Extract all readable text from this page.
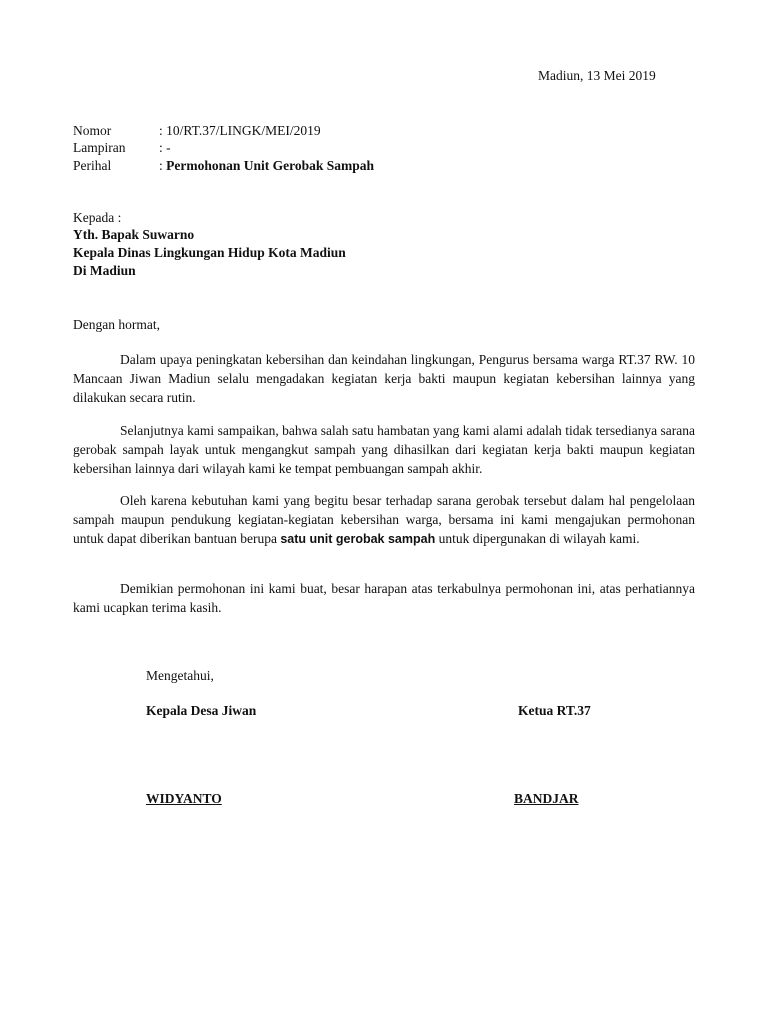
Madiun, 13 Mei 2019
Nomor	: 10/RT.37/LINGK/MEI/2019
Lampiran : -
Perihal	: Permohonan Unit Gerobak Sampah
Kepada :
Yth. Bapak Suwarno
Kepala Dinas Lingkungan Hidup Kota Madiun
Di Madiun
Dengan hormat,

Dalam upaya peningkatan kebersihan dan keindahan lingkungan, Pengurus bersama warga RT.37 RW. 10 Mancaan Jiwan Madiun selalu mengadakan kegiatan kerja bakti maupun kegiatan kebersihan lainnya yang dilakukan secara rutin.

Selanjutnya kami sampaikan, bahwa salah satu hambatan yang kami alami adalah tidak tersedianya sarana gerobak sampah layak untuk mengangkut sampah yang dihasilkan dari kegiatan kerja bakti maupun kegiatan kebersihan lainnya dari wilayah kami ke tempat pembuangan sampah akhir.

Oleh karena kebutuhan kami yang begitu besar terhadap sarana gerobak tersebut dalam hal pengelolaan sampah maupun pendukung kegiatan-kegiatan kebersihan warga, bersama ini kami mengajukan permohonan untuk dapat diberikan bantuan berupa satu unit gerobak sampah untuk dipergunakan di wilayah kami.

Demikian permohonan ini kami buat, besar harapan atas terkabulnya permohonan ini, atas perhatiannya kami ucapkan terima kasih.

Mengetahui,
Kepala Desa Jiwan	Ketua RT.37
WIDYANTO	BANDJAR
